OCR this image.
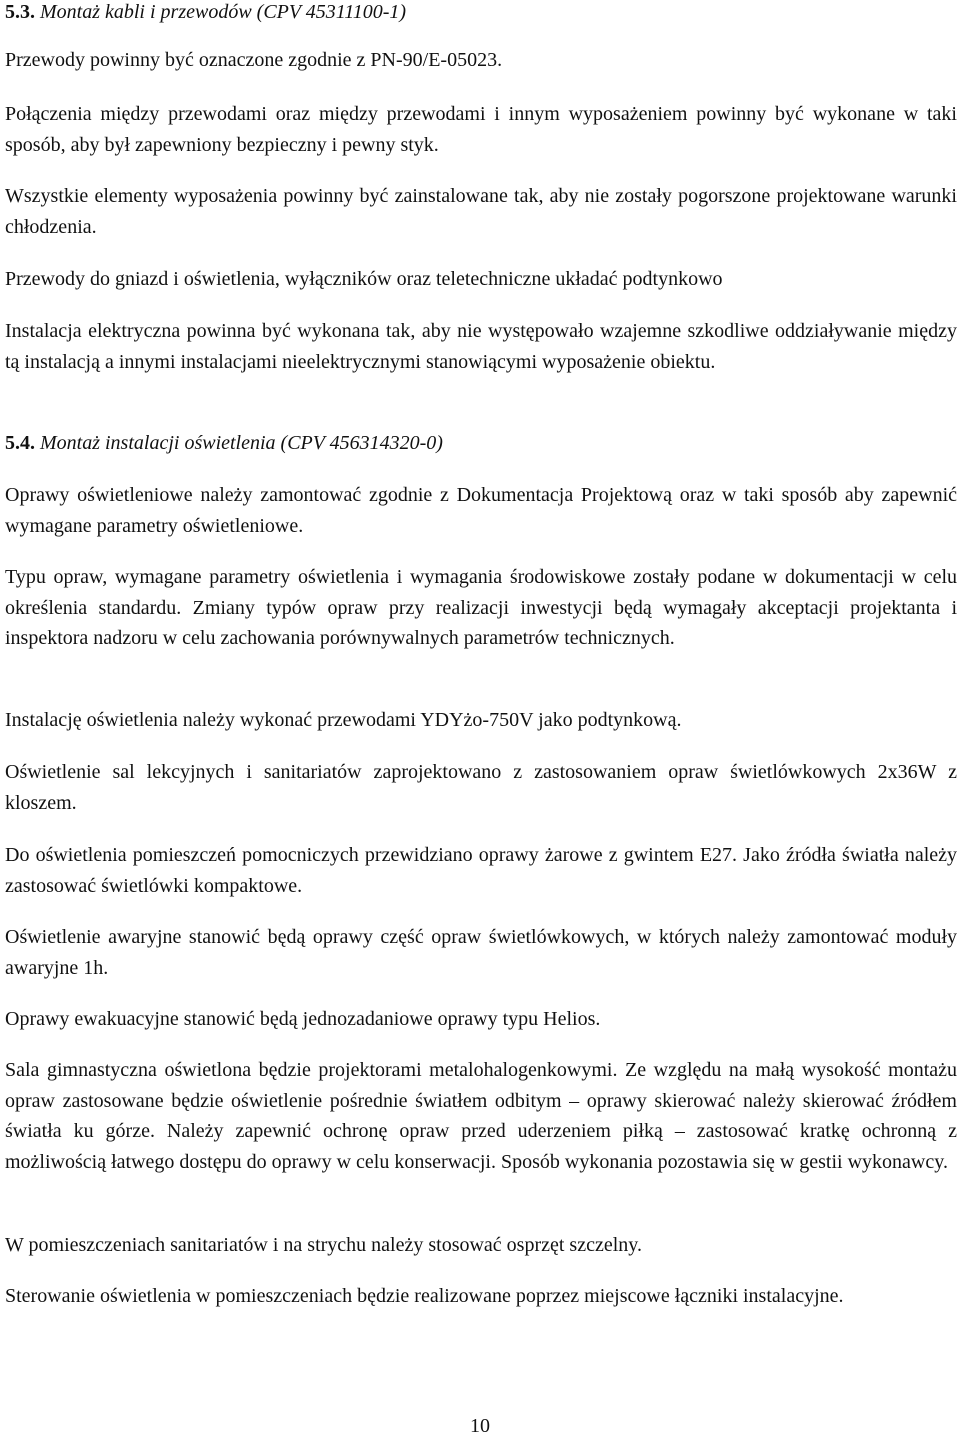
5.3. Montaż kabli i przewodów (CPV 45311100-1)

Przewody powinny być oznaczone zgodnie z PN-90/E-05023.

Połączenia między przewodami oraz między przewodami i innym wyposażeniem powinny być wykonane w taki sposób, aby był zapewniony bezpieczny i pewny styk.

Wszystkie elementy wyposażenia powinny być zainstalowane tak, aby nie zostały pogorszone projektowane warunki chłodzenia.

Przewody do gniazd i oświetlenia, wyłączników oraz teletechniczne układać podtynkowo

Instalacja elektryczna powinna być wykonana tak, aby nie występowało wzajemne szkodliwe oddziaływanie między tą instalacją a innymi instalacjami nieelektrycznymi stanowiącymi wyposażenie obiektu.

5.4. Montaż instalacji oświetlenia (CPV 456314320-0)

Oprawy oświetleniowe należy zamontować zgodnie z Dokumentacja Projektową oraz w taki sposób aby zapewnić wymagane parametry oświetleniowe.

Typu opraw, wymagane parametry oświetlenia i wymagania środowiskowe zostały podane w dokumentacji w celu określenia standardu. Zmiany typów opraw przy realizacji inwestycji będą wymagały akceptacji projektanta i inspektora nadzoru w celu zachowania porównywalnych parametrów technicznych.

Instalację oświetlenia należy wykonać przewodami YDYżo-750V jako podtynkową.

Oświetlenie sal lekcyjnych i sanitariatów zaprojektowano z zastosowaniem opraw świetlówkowych 2x36W z kloszem.

Do oświetlenia pomieszczeń pomocniczych przewidziano oprawy żarowe z gwintem E27. Jako źródła światła należy zastosować świetlówki kompaktowe.

Oświetlenie awaryjne stanowić będą oprawy część opraw świetlówkowych, w których należy zamontować moduły awaryjne 1h.

Oprawy ewakuacyjne stanowić będą jednozadaniowe oprawy typu Helios.

Sala gimnastyczna oświetlona będzie projektorami metalohalogenkowymi. Ze względu na małą wysokość montażu opraw zastosowane będzie oświetlenie pośrednie światłem odbitym – oprawy skierować należy skierować źródłem światła ku górze. Należy zapewnić ochronę opraw przed uderzeniem piłką – zastosować kratkę ochronną z możliwością łatwego dostępu do oprawy w celu konserwacji. Sposób wykonania pozostawia się w gestii wykonawcy.

W pomieszczeniach sanitariatów i na strychu należy stosować osprzęt szczelny.

Sterowanie oświetlenia w pomieszczeniach będzie realizowane poprzez miejscowe łączniki instalacyjne.

10
